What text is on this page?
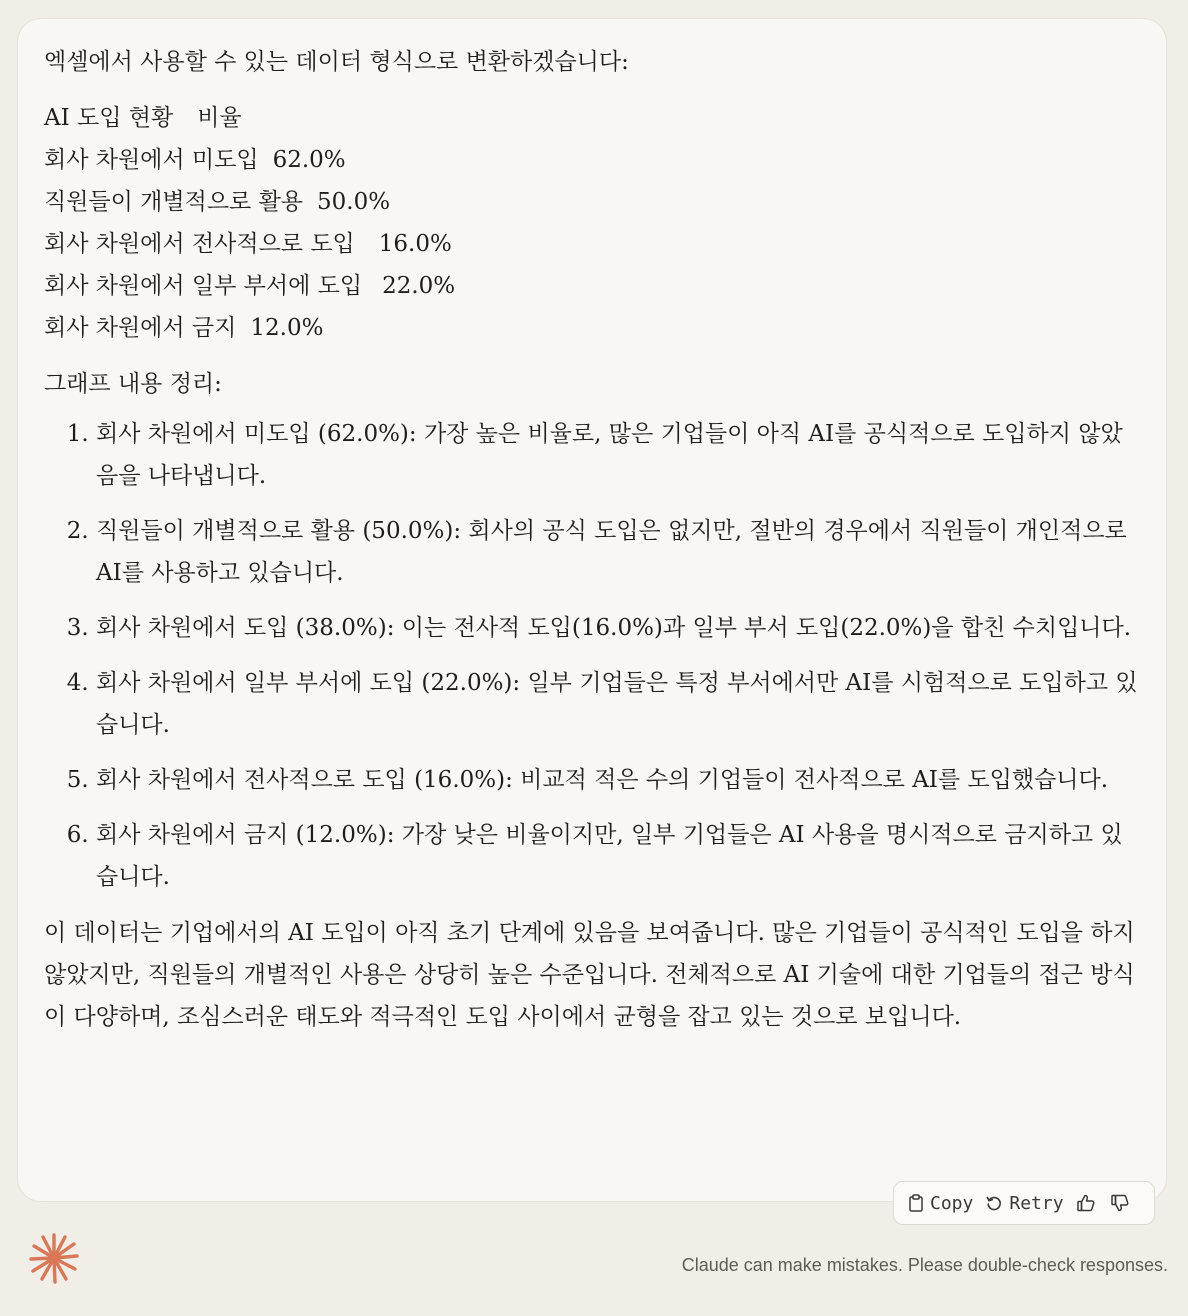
엑셀에서 사용할 수 있는 데이터 형식으로 변환하겠습니다:

AI 도입 현황 비율
회사 차원에서 미도입 62.0%
직원들이 개별적으로 활용 50.0%
회사 차원에서 전사적으로 도입 16.0%
회사 차원에서 일부 부서에 도입 22.0%
회사 차원에서 금지 12.0%

그래프 내용 정리:

1. 회사 차원에서 미도입 (62.0%): 가장 높은 비율로, 많은 기업들이 아직 AI를 공식적으로 도입하지 않았음을 나타냅니다.
2. 직원들이 개별적으로 활용 (50.0%): 회사의 공식 도입은 없지만, 절반의 경우에서 직원들이 개인적으로 AI를 사용하고 있습니다.
3. 회사 차원에서 도입 (38.0%): 이는 전사적 도입(16.0%)과 일부 부서 도입(22.0%)을 합친 수치입니다.
4. 회사 차원에서 일부 부서에 도입 (22.0%): 일부 기업들은 특정 부서에서만 AI를 시험적으로 도입하고 있습니다.
5. 회사 차원에서 전사적으로 도입 (16.0%): 비교적 적은 수의 기업들이 전사적으로 AI를 도입했습니다.
6. 회사 차원에서 금지 (12.0%): 가장 낮은 비율이지만, 일부 기업들은 AI 사용을 명시적으로 금지하고 있습니다.

이 데이터는 기업에서의 AI 도입이 아직 초기 단계에 있음을 보여줍니다. 많은 기업들이 공식적인 도입을 하지 않았지만, 직원들의 개별적인 사용은 상당히 높은 수준입니다. 전체적으로 AI 기술에 대한 기업들의 접근 방식이 다양하며, 조심스러운 태도와 적극적인 도입 사이에서 균형을 잡고 있는 것으로 보입니다.

Copy Retry
Claude can make mistakes. Please double-check responses.
